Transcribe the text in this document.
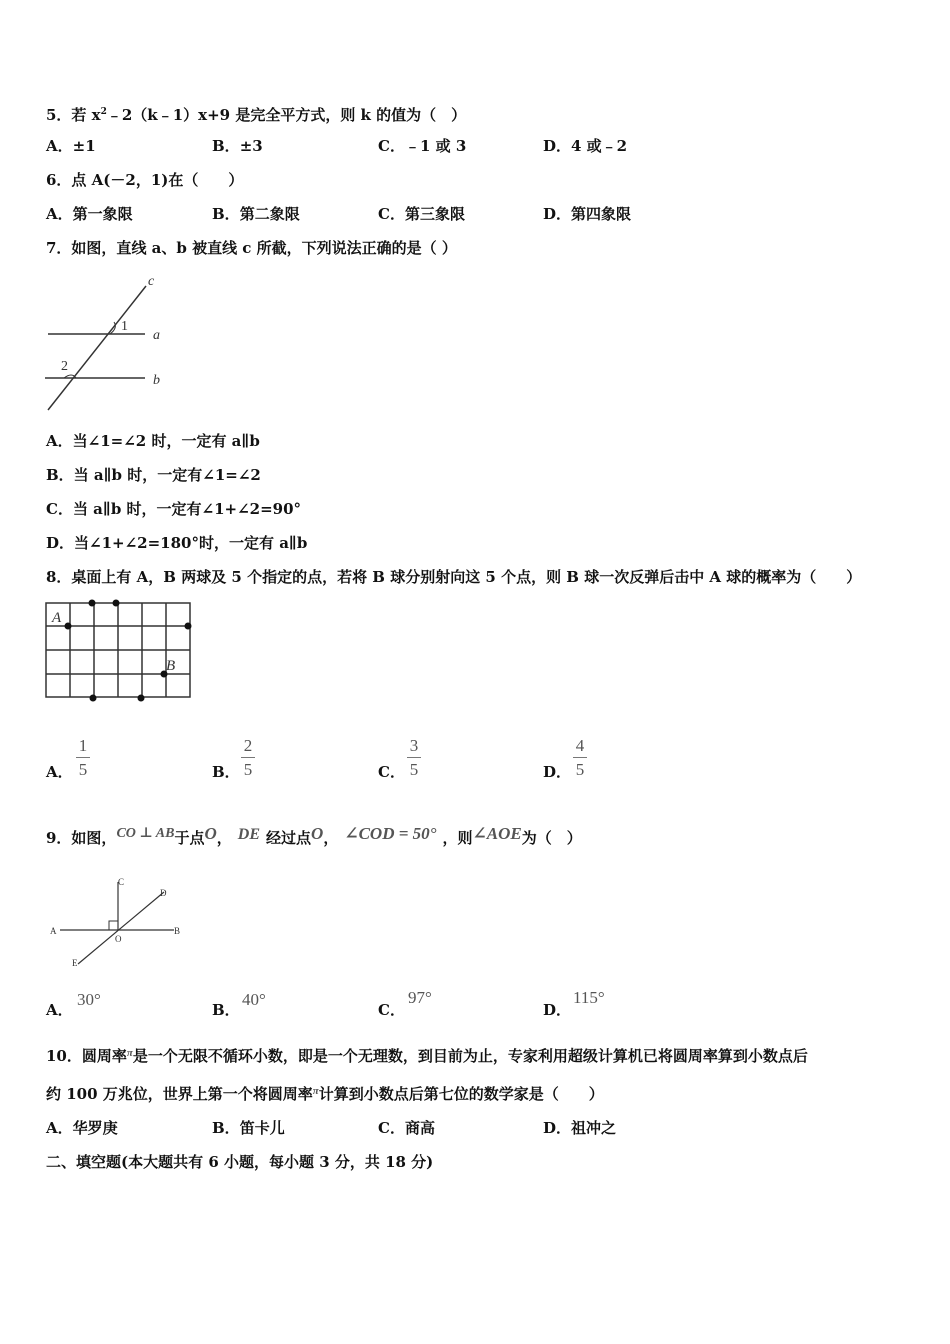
5．若 $x^2﹣2(k﹣1)x+9$ 是完全平方式，则 k 的值为（　）
A．±1	B．±3	C．﹣1 或 3	D．4 或﹣2
6．点 A(－2，1)在（　　）
A．第一象限	B．第二象限	C．第三象限	D．第四象限
7．如图，直线 a、b 被直线 c 所截，下列说法正确的是（ ）
c
a
b
1
2
A．当∠1=∠2 时，一定有 a∥b
B．当 a∥b 时，一定有∠1=∠2
C．当 a∥b 时，一定有∠1+∠2=90°
D．当∠1+∠2=180°时，一定有 a∥b
8．桌面上有 A，B 两球及 5 个指定的点，若将 B 球分别射向这 5 个点，则 B 球一次反弹后击中 A 球的概率为（　　）
A
B
A．
1
5	B．
2
5	C．
3
5	D．
4
5
9．如图，CO ⊥ AB于点O， DE 经过点O， ∠COD = 50° ，则∠AOE为（　）
A	B
C
D
E
O
A．
30°
B．
40°
C．
97°
D．
115°
10．圆周率$^\pi$是一个无限不循环小数，即是一个无理数，到目前为止，专家利用超级计算机已将圆周率算到小数点后
约 100 万兆位，世界上第一个将圆周率$^\pi$计算到小数点后第七位的数学家是（　　）
A．华罗庚	B．笛卡儿	C．商高	D．祖冲之
二、填空题(本大题共有 6 小题，每小题 3 分，共 18 分)
